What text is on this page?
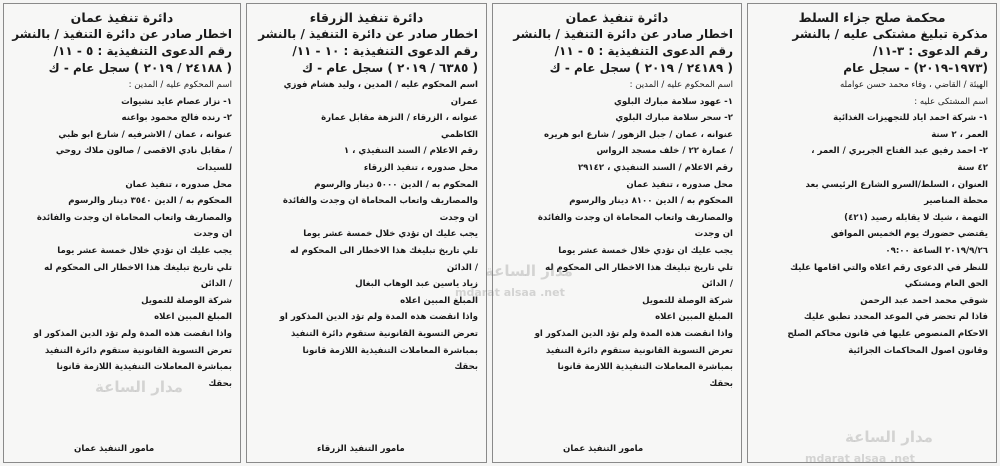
محكمة صلح جزاء السلط
مذكرة تبليغ مشتكى عليه / بالنشر
رقم الدعوى : ٣-١١/
(١٩٧٣-٢٠١٩) - سجل عام
الهيئة / القاضي ، وفاء محمد حسن عوامله
اسم المشتكى عليه :
١- شركة احمد اياد للتجهيزات الغذائية
العمر ، ٢ سنة
٢- احمد رفيق عبد الفتاح الجريري / العمر ،
٤٢ سنة
العنوان ، السلط/السرو الشارع الرئيسي بعد
محطة المناصير
التهمة ، شيك لا يقابله رصيد (٤٢١)
يقتضي حضورك يوم الخميس الموافق
٢٠١٩/٩/٢٦ الساعة ٠٩:٠٠
للنظر في الدعوى رقم اعلاه والتي اقامها عليك
الحق العام ومشتكي
شوقي محمد احمد عبد الرحمن
فاذا لم تحضر في الموعد المحدد تطبق عليك
الاحكام المنصوص عليها في قانون محاكم الصلح
وقانون اصول المحاكمات الجزائية
دائرة تنفيذ عمان
اخطار صادر عن دائرة التنفيذ / بالنشر
رقم الدعوى التنفيذية : ٥ - ١١/
( ٢٤١٨٩ / ٢٠١٩ ) سجل عام - ك
اسم المحكوم عليه / المدين :
١- عهود سلامة مبارك البلوي
٢- سحر سلامة مبارك البلوي
عنوانه ، عمان / جبل الزهور / شارع ابو هريره
/ عمارة ٢٢ / خلف مسجد الرواس
رقم الاعلام / السند التنفيذي ، ٢٩١٤٢
محل صدوره ، تنفيذ عمان
المحكوم به / الدين ٨١٠٠ دينار والرسوم
والمصاريف واتعاب المحاماة ان وجدت والفائدة
ان وجدت
يجب عليك ان تؤدي خلال خمسة عشر يوما
تلي تاريخ تبليغك هذا الاخطار الى المحكوم له
/ الدائن
شركة الوصلة للتمويل
المبلغ المبين اعلاه
واذا انقضت هذه المدة ولم تؤد الدين المذكور او
تعرض التسوية القانونية ستقوم دائرة التنفيذ
بمباشرة المعاملات التنفيذية اللازمة قانونا
بحقك
مامور التنفيذ عمان
دائرة تنفيذ الزرقاء
اخطار صادر عن دائرة التنفيذ / بالنشر
رقم الدعوى التنفيذية : ١٠ - ١١/
( ٦٣٨٥ / ٢٠١٩ ) سجل عام - ك
اسم المحكوم عليه / المدين ، وليد هشام فوزي
عمران
عنوانه ، الزرقاء / النزهة مقابل عمارة
الكاظمي
رقم الاعلام / السند التنفيذي ، ١
محل صدوره ، تنفيذ الزرقاء
المحكوم به / الدين ٥٠٠٠ دينار والرسوم
والمصاريف واتعاب المحاماة ان وجدت والفائدة
ان وجدت
يجب عليك ان تؤدي خلال خمسة عشر يوما
تلي تاريخ تبليغك هذا الاخطار الى المحكوم له
/ الدائن
زياد ياسين عبد الوهاب البغال
المبلغ المبين اعلاه
واذا انقضت هذه المدة ولم تؤد الدين المذكور او
تعرض التسوية القانونية ستقوم دائرة التنفيذ
بمباشرة المعاملات التنفيذية اللازمة قانونا
بحقك
مامور التنفيذ الزرقاء
دائرة تنفيذ عمان
اخطار صادر عن دائرة التنفيذ / بالنشر
رقم الدعوى التنفيذية : ٥ - ١١/
( ٢٤١٨٨ / ٢٠١٩ ) سجل عام - ك
اسم المحكوم عليه / المدين :
١- نزار عصام عايد نشيوات
٢- رنده فالح محمود بواعنه
عنوانه ، عمان / الاشرفيه / شارع ابو ظبي
/ مقابل نادي الاقصى / صالون ملاك روحي
للسيدات
محل صدوره ، تنفيذ عمان
المحكوم به / الدين ٣٥٤٠ دينار والرسوم
والمصاريف واتعاب المحاماة ان وجدت والفائدة
ان وجدت
يجب عليك ان تؤدي خلال خمسة عشر يوما
تلي تاريخ تبليغك هذا الاخطار الى المحكوم له
/ الدائن
شركة الوصلة للتمويل
المبلغ المبين اعلاه
واذا انقضت هذه المدة ولم تؤد الدين المذكور او
تعرض التسوية القانونية ستقوم دائرة التنفيذ
بمباشرة المعاملات التنفيذية اللازمة قانونا
بحقك
مامور التنفيذ عمان
مدار الساعة
mdarat alsaa .net
مدار الساعة
mdarat alsaa .net
مدار الساعة
